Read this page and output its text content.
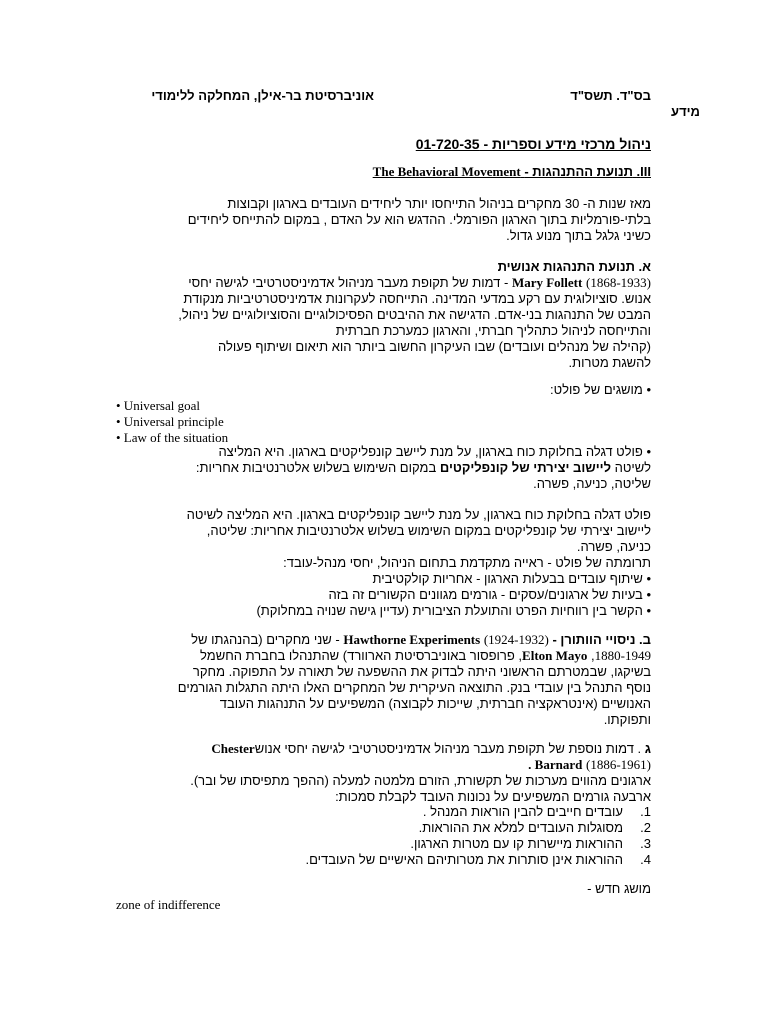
בס"ד. תשס"ד
אוניברסיטת בר-אילן, המחלקה ללימודי
מידע
ניהול מרכזי מידע וספריות - 01-720-35
III. תנועת ההתנהגות - The Behavioral Movement
מאז שנות ה- 30 מחקרים בניהול התייחסו יותר ליחידים העובדים בארגון וקבוצות
בלתי-פורמליות בתוך הארגון הפורמלי. ההדגש הוא על האדם , במקום להתייחס ליחידים
כשיני גלגל בתוך מנוע גדול.
א. תנועת התנהגות אנושית
(1868-1933) Mary Follett - דמות של תקופת מעבר מניהול אדמיניסטרטיבי לגישה יחסי
אנוש. סוציולוגית עם רקע במדעי המדינה. התייחסה לעקרונות אדמיניסטרטיביות מנקודת
המבט של התנהגות בני-אדם. הדגישה את ההיבטים הפסיכולוגיים והסוציולוגיים של ניהול,
והתייחסה לניהול כתהליך חברתי, והארגון כמערכת חברתית
(קהילה של מנהלים ועובדים) שבו העיקרון החשוב ביותר הוא תיאום ושיתוף פעולה
להשגת מטרות.
• מושגים של פולט:
• Universal goal
• Universal principle
• Law of the situation
• פולט דגלה בחלוקת כוח בארגון, על מנת ליישב קונפליקטים בארגון. היא המליצה
לשיטה ליישוב יצירתי של קונפליקטים במקום השימוש בשלוש אלטרנטיבות אחריות:
שליטה, כניעה, פשרה.
פולט דגלה בחלוקת כוח בארגון, על מנת ליישב קונפליקטים בארגון. היא המליצה לשיטה
ליישוב יצירתי של קונפליקטים במקום השימוש בשלוש אלטרנטיבות אחריות: שליטה,
כניעה, פשרה.
תרומתה של פולט - ראייה מתקדמת בתחום הניהול, יחסי מנהל-עובד:
• שיתוף עובדים בבעלות הארגון - אחריות קולקטיבית
• בעיות של ארגונים/עסקים - גורמים מגוונים הקשורים זה בזה
• הקשר בין רווחיות הפרט והתועלת הציבורית (עדיין גישה שנויה במחלוקת)
ב. ניסויי הוותורן - (1924-1932) Hawthorne Experiments - שני מחקרים (בהנהגתו של
1880-1949, Elton Mayo, פרופסור באוניברסיטת הארוורד) שהתנהלו בחברת החשמל
בשיקגו, שבמטרתם הראשוני היתה לבדוק את ההשפעה של תאורה על התפוקה. מחקר
נוסף התנהל בין עובדי בנק. התוצאה העיקרית של המחקרים האלו היתה התגלות הגורמים
האנושיים (אינטראקציה חברתית, שייכות לקבוצה) המשפיעים על התנהגות העובד
ותפוקתו.
ג . דמות נוספת של תקופת מעבר מניהול אדמיניסטרטיבי לגישה יחסי אנושChester
(1886-1961) Barnard .
ארגונים מהווים מערכות של תקשורת, הזורם מלמטה למעלה (ההפך מתפיסתו של ובר).
ארבעה גורמים המשפיעים על נכונות העובד לקבלת סמכות:
1.עובדים חייבים להבין הוראות המנהל .
2.מסוגלות העובדים למלא את ההוראות.
3.ההוראות מיישרות קו עם מטרות הארגון.
4.ההוראות אינן סותרות את מטרותיהם האישיים של העובדים.
מושג חדש -
zone of indifference
